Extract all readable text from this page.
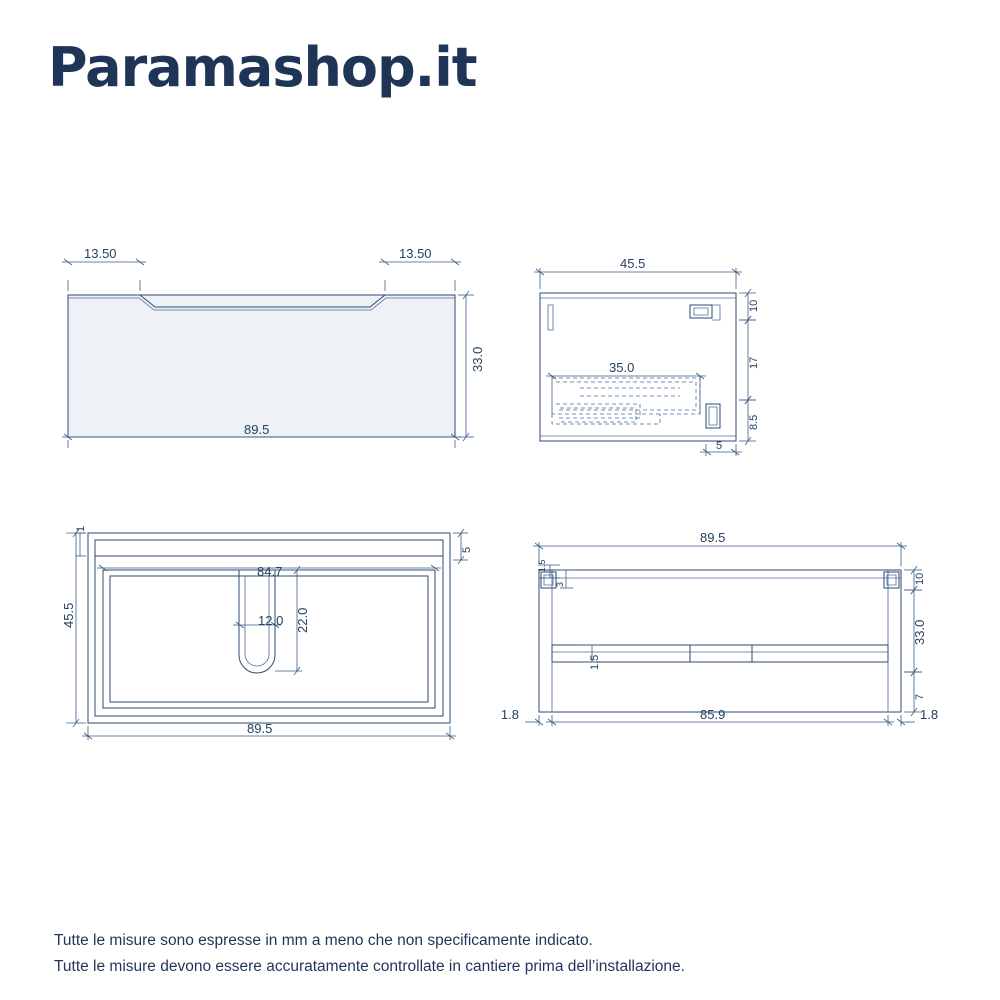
Paramashop.it
13.50	13.50
33.0
89.5
45.5
35.0
10
17
8.5
5
1
5
84.7
12.0 22.0
45.5
89.5
89.5
1.5
3
1.5
10
33.0
7
85.9
1.8	1.8
Tutte le misure sono espresse in mm a meno che non specificamente indicato.
Tutte le misure devono essere accuratamente controllate in cantiere prima dell’installazione.
